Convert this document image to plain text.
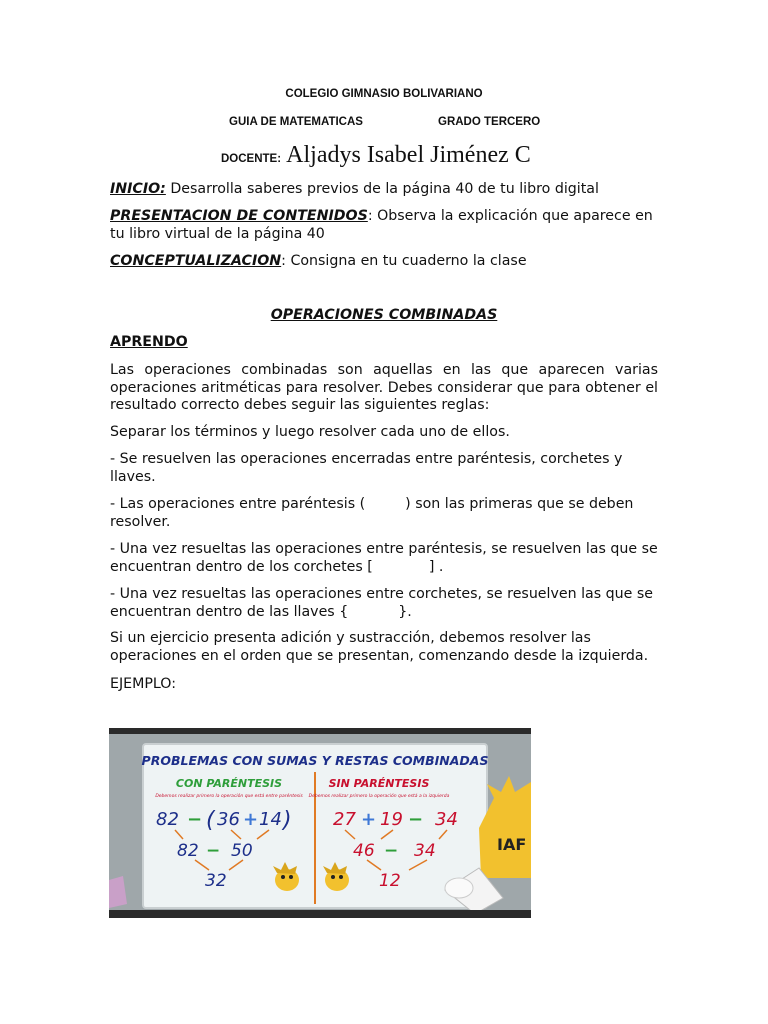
COLEGIO GIMNASIO BOLIVARIANO
GUIA DE MATEMATICAS	GRADO TERCERO
DOCENTE: Aljadys Isabel Jiménez C
INICIO: Desarrolla saberes previos de la página 40 de tu libro digital
PRESENTACION DE CONTENIDOS: Observa la explicación que aparece en tu libro virtual de la página 40
CONCEPTUALIZACION: Consigna en tu cuaderno la clase
OPERACIONES COMBINADAS
APRENDO
Las operaciones combinadas son aquellas en las que aparecen varias operaciones aritméticas para resolver. Debes considerar que para obtener el resultado correcto debes seguir las siguientes reglas:
Separar los términos y luego resolver cada uno de ellos.
- Se resuelven las operaciones encerradas entre paréntesis, corchetes y llaves.
- Las operaciones entre paréntesis (	) son las primeras que se deben resolver.
- Una vez resueltas las operaciones entre paréntesis, se resuelven las que se encuentran dentro de los corchetes [	] .
- Una vez resueltas las operaciones entre corchetes, se resuelven las que se encuentran dentro de las llaves {	}.
Si un ejercicio presenta adición y sustracción, debemos resolver las operaciones en el orden que se presentan, comenzando desde la izquierda.
EJEMPLO:
PROBLEMAS CON SUMAS Y RESTAS COMBINADAS
CON PARÉNTESIS
Debemos realizar primero la operación que está entre paréntesis
SIN PARÉNTESIS
Debemos realizar primero la operación que está a la izquierda
82 − ( 36 + 14 )
82 − 50
32
27 + 19 − 34
46 − 34
12
IAF
